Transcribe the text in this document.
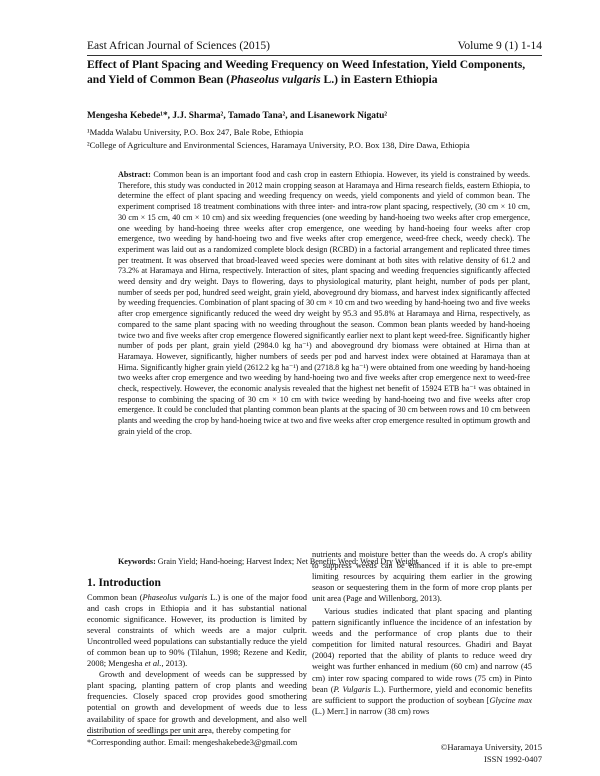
East African Journal of Sciences (2015)	Volume 9 (1) 1-14
Effect of Plant Spacing and Weeding Frequency on Weed Infestation, Yield Components, and Yield of Common Bean (Phaseolus vulgaris L.) in Eastern Ethiopia
Mengesha Kebede¹*, J.J. Sharma², Tamado Tana², and Lisanework Nigatu²
¹Madda Walabu University, P.O. Box 247, Bale Robe, Ethiopia
²College of Agriculture and Environmental Sciences, Haramaya University, P.O. Box 138, Dire Dawa, Ethiopia
Abstract: Common bean is an important food and cash crop in eastern Ethiopia. However, its yield is constrained by weeds. Therefore, this study was conducted in 2012 main cropping season at Haramaya and Hirna research fields, eastern Ethiopia, to determine the effect of plant spacing and weeding frequency on weeds, yield components and yield of common bean. The experiment comprised 18 treatment combinations with three inter- and intra-row plant spacing, respectively, (30 cm × 10 cm, 30 cm × 15 cm, 40 cm × 10 cm) and six weeding frequencies (one weeding by hand-hoeing two weeks after crop emergence, one weeding by hand-hoeing three weeks after crop emergence, one weeding by hand-hoeing four weeks after crop emergence, two weeding by hand-hoeing two and five weeks after crop emergence, weed-free check, weedy check). The experiment was laid out as a randomized complete block design (RCBD) in a factorial arrangement and replicated three times per treatment. It was observed that broad-leaved weed species were dominant at both sites with relative density of 61.2 and 73.2% at Haramaya and Hirna, respectively. Interaction of sites, plant spacing and weeding frequencies significantly affected weed density and dry weight. Days to flowering, days to physiological maturity, plant height, number of pods per plant, number of seeds per pod, hundred seed weight, grain yield, aboveground dry biomass, and harvest index significantly affected by weeding frequencies. Combination of plant spacing of 30 cm × 10 cm and two weeding by hand-hoeing two and five weeks after crop emergence significantly reduced the weed dry weight by 95.3 and 95.8% at Haramaya and Hirna, respectively, as compared to the same plant spacing with no weeding throughout the season. Common bean plants weeded by hand-hoeing twice two and five weeks after crop emergence flowered significantly earlier next to plant kept weed-free. Significantly higher number of pods per plant, grain yield (2984.0 kg ha⁻¹) and aboveground dry biomass were obtained at Hirna than at Haramaya. However, significantly, higher numbers of seeds per pod and harvest index were obtained at Haramaya than at Hirna. Significantly higher grain yield (2612.2 kg ha⁻¹) and (2718.8 kg ha⁻¹) were obtained from one weeding by hand-hoeing two weeks after crop emergence and two weeding by hand-hoeing two and five weeks after crop emergence next to weed-free check, respectively. However, the economic analysis revealed that the highest net benefit of 15924 ETB ha⁻¹ was obtained in response to combining the spacing of 30 cm × 10 cm with twice weeding by hand-hoeing two and five weeks after crop emergence. It could be concluded that planting common bean plants at the spacing of 30 cm between rows and 10 cm between plants and weeding the crop by hand-hoeing twice at two and five weeks after crop emergence resulted in optimum growth and grain yield of the crop.
Keywords: Grain Yield; Hand-hoeing; Harvest Index; Net Benefit; Weed; Weed Dry Weight
1. Introduction

Common bean (Phaseolus vulgaris L.) is one of the major food and cash crops in Ethiopia and it has substantial national economic significance. However, its production is limited by several constraints of which weeds are a major culprit. Uncontrolled weed populations can substantially reduce the yield of common bean up to 90% (Tilahun, 1998; Rezene and Kedir, 2008; Mengesha et al., 2013).

Growth and development of weeds can be suppressed by plant spacing, planting pattern of crop plants and weeding frequencies. Closely spaced crop provides good smothering potential on growth and development of weeds due to less availability of space for growth and development, and also well distribution of seedlings per unit area, thereby competing for

nutrients and moisture better than the weeds do. A crop's ability to suppress weeds can be enhanced if it is able to pre-empt limiting resources by acquiring them earlier in the growing season or sequestering them in the form of more crop plants per unit area (Page and Willenborg, 2013).

Various studies indicated that plant spacing and planting pattern significantly influence the incidence of an infestation by weeds and the performance of crop plants due to their competition for limited natural resources. Ghadiri and Bayat (2004) reported that the ability of plants to reduce weed dry weight was further enhanced in medium (60 cm) and narrow (45 cm) inter row spacing compared to wide rows (75 cm) in Pinto bean (P. Vulgaris L.). Furthermore, yield and economic benefits are sufficient to support the production of soybean [Glycine max (L.) Merr.] in narrow (38 cm) rows

*Corresponding author. Email: mengeshakebede3@gmail.com	©Haramaya University, 2015
ISSN 1992-0407
